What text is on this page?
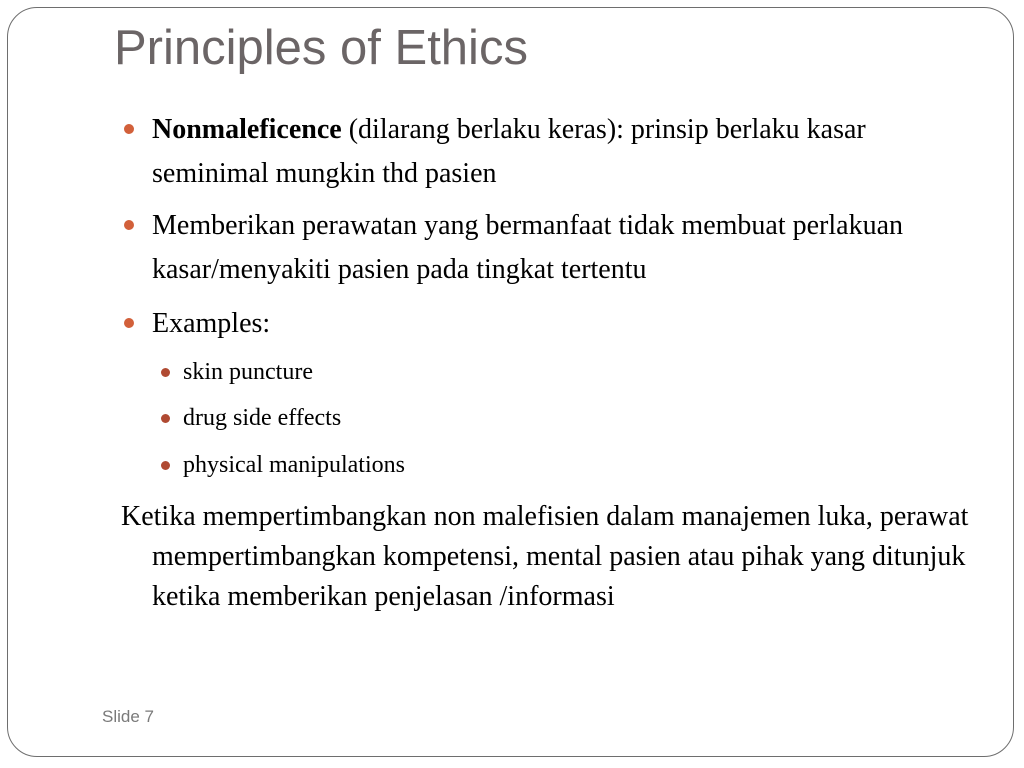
Principles of Ethics
Nonmaleficence (dilarang berlaku keras): prinsip berlaku kasar seminimal mungkin thd pasien
Memberikan perawatan yang bermanfaat tidak membuat perlakuan kasar/menyakiti pasien pada tingkat tertentu
Examples:
skin puncture
drug side effects
physical manipulations
Ketika mempertimbangkan non malefisien dalam manajemen luka, perawat mempertimbangkan kompetensi, mental pasien atau pihak yang ditunjuk ketika memberikan penjelasan /informasi
Slide 7
